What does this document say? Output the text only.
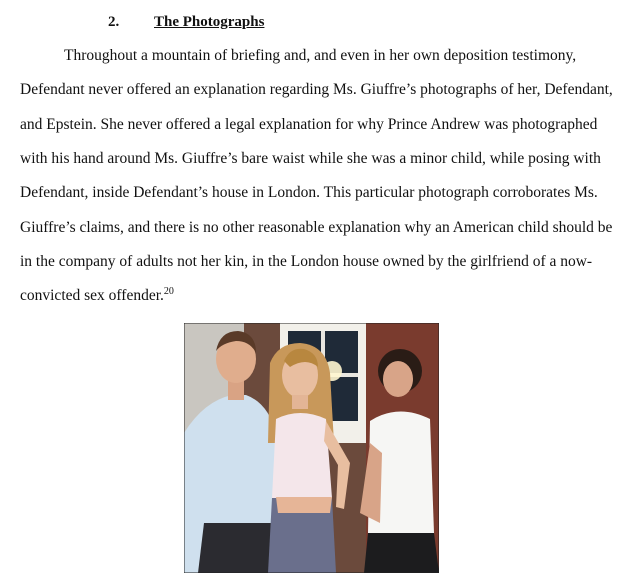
2. The Photographs
Throughout a mountain of briefing and, and even in her own deposition testimony,
Defendant never offered an explanation regarding Ms. Giuffre’s photographs of her, Defendant,
and Epstein. She never offered a legal explanation for why Prince Andrew was photographed
with his hand around Ms. Giuffre’s bare waist while she was a minor child, while posing with
Defendant, inside Defendant’s house in London. This particular photograph corroborates Ms.
Giuffre’s claims, and there is no other reasonable explanation why an American child should be
in the company of adults not her kin, in the London house owned by the girlfriend of a now-
convicted sex offender.$^{20}$
